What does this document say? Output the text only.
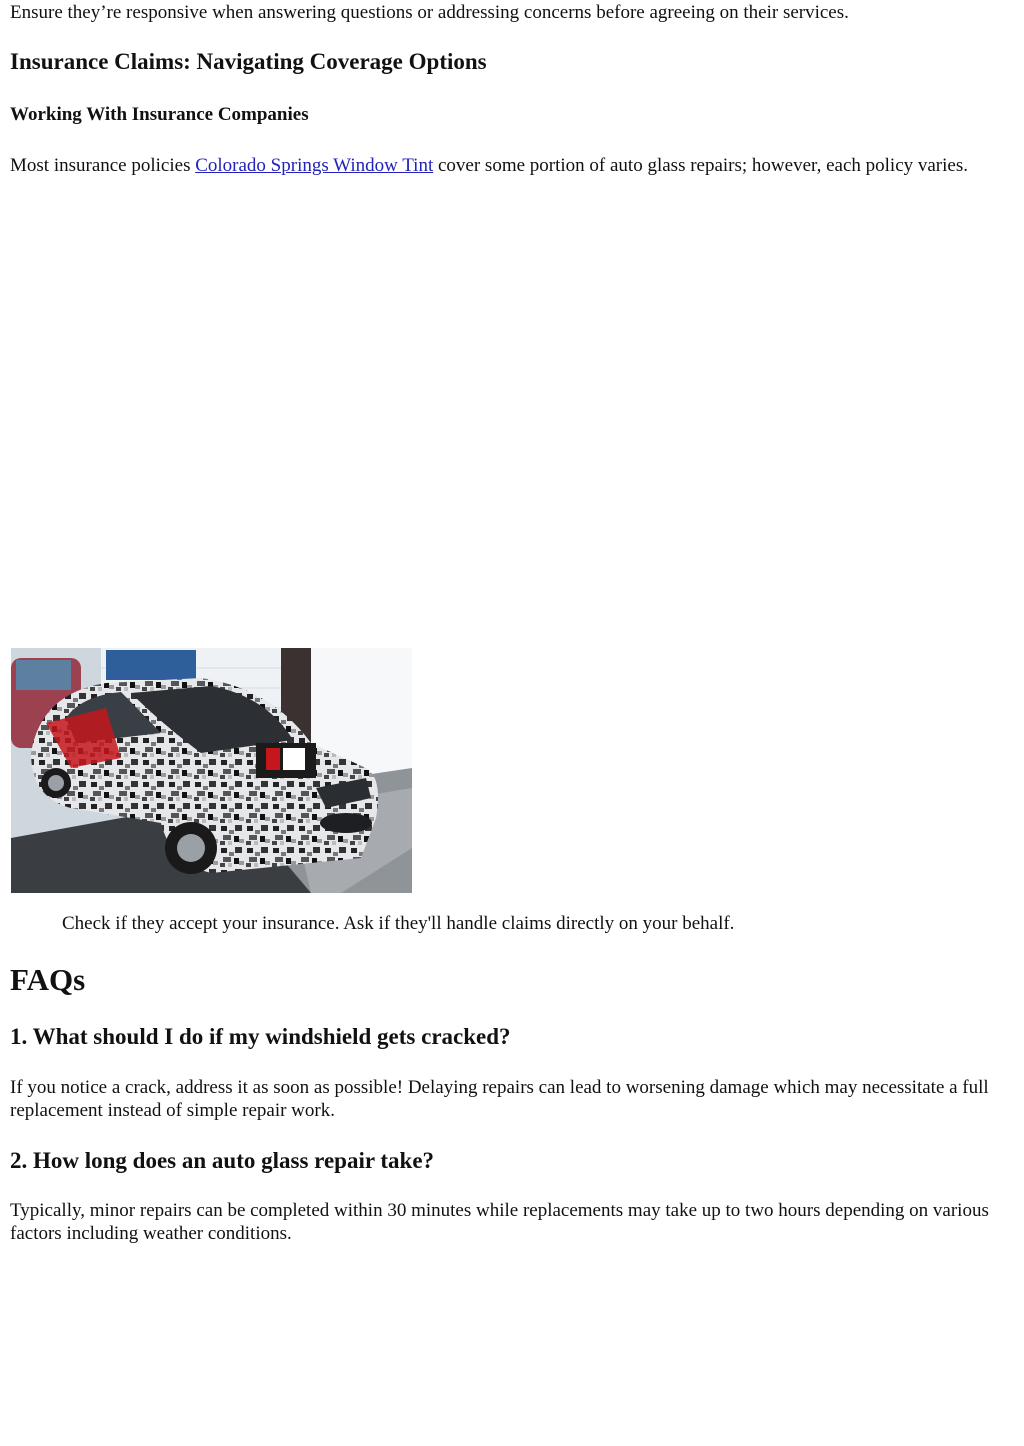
Ensure they’re responsive when answering questions or addressing concerns before agreeing on their services.

Insurance Claims: Navigating Coverage Options
Working With Insurance Companies

Most insurance policies Colorado Springs Window Tint cover some portion of auto glass repairs; however, each policy varies.

Check if they accept your insurance. Ask if they'll handle claims directly on your behalf.

FAQs
1. What should I do if my windshield gets cracked?

If you notice a crack, address it as soon as possible! Delaying repairs can lead to worsening damage which may necessitate a full replacement instead of simple repair work.

2. How long does an auto glass repair take?

Typically, minor repairs can be completed within 30 minutes while replacements may take up to two hours depending on various factors including weather conditions.
